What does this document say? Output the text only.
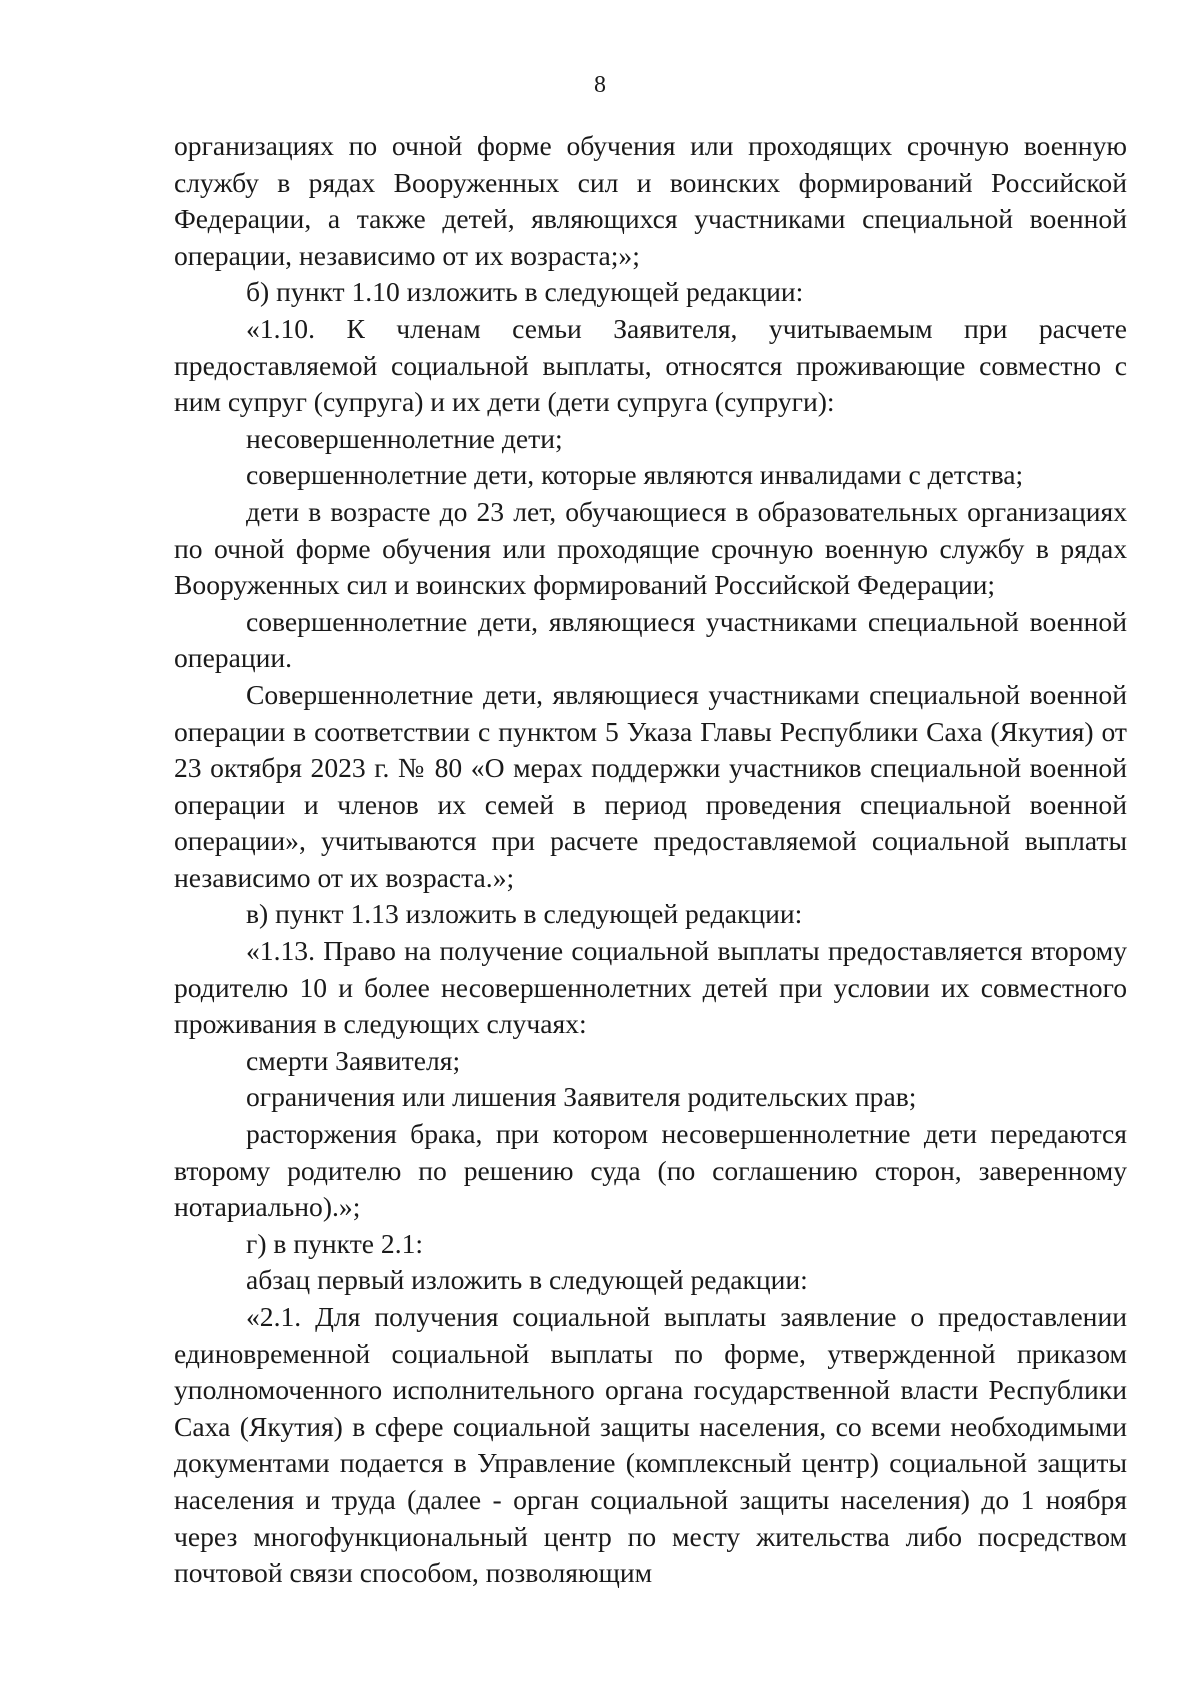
8

организациях по очной форме обучения или проходящих срочную военную службу в рядах Вооруженных сил и воинских формирований Российской Федерации, а также детей, являющихся участниками специальной военной операции, независимо от их возраста;»;

б) пункт 1.10 изложить в следующей редакции:

«1.10. К членам семьи Заявителя, учитываемым при расчете предоставляемой социальной выплаты, относятся проживающие совместно с ним супруг (супруга) и их дети (дети супруга (супруги):

несовершеннолетние дети;

совершеннолетние дети, которые являются инвалидами с детства;

дети в возрасте до 23 лет, обучающиеся в образовательных организациях по очной форме обучения или проходящие срочную военную службу в рядах Вооруженных сил и воинских формирований Российской Федерации;

совершеннолетние дети, являющиеся участниками специальной военной операции.

Совершеннолетние дети, являющиеся участниками специальной военной операции в соответствии с пунктом 5 Указа Главы Республики Саха (Якутия) от 23 октября 2023 г. № 80 «О мерах поддержки участников специальной военной операции и членов их семей в период проведения специальной военной операции», учитываются при расчете предоставляемой социальной выплаты независимо от их возраста.»;

в) пункт 1.13 изложить в следующей редакции:

«1.13. Право на получение социальной выплаты предоставляется второму родителю 10 и более несовершеннолетних детей при условии их совместного проживания в следующих случаях:

смерти Заявителя;

ограничения или лишения Заявителя родительских прав;

расторжения брака, при котором несовершеннолетние дети передаются второму родителю по решению суда (по соглашению сторон, заверенному нотариально).»;

г) в пункте 2.1:

абзац первый изложить в следующей редакции:

«2.1. Для получения социальной выплаты заявление о предоставлении единовременной социальной выплаты по форме, утвержденной приказом уполномоченного исполнительного органа государственной власти Республики Саха (Якутия) в сфере социальной защиты населения, со всеми необходимыми документами подается в Управление (комплексный центр) социальной защиты населения и труда (далее - орган социальной защиты населения) до 1 ноября через многофункциональный центр по месту жительства либо посредством почтовой связи способом, позволяющим
